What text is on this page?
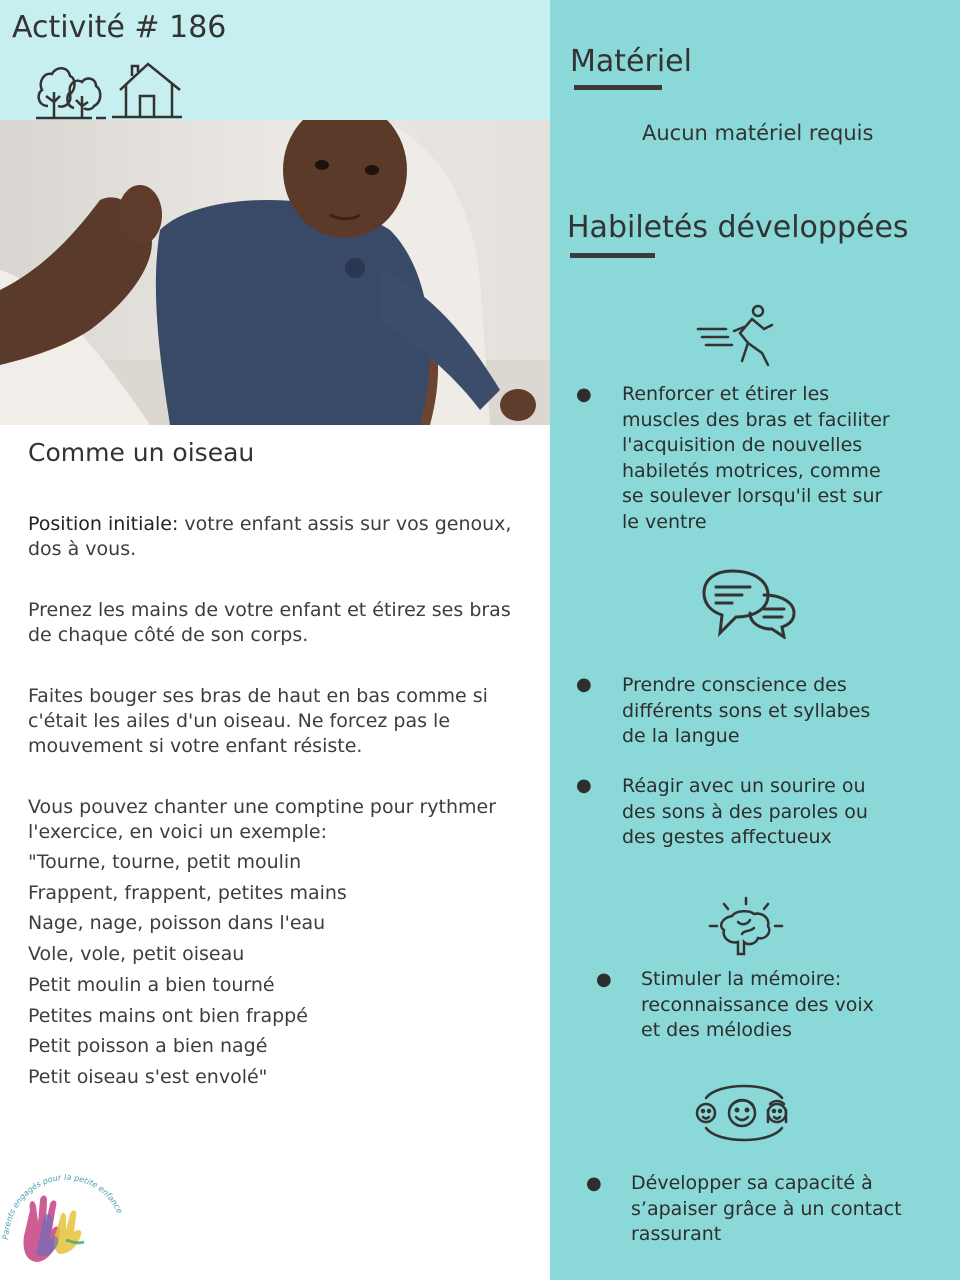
Activité # 186
Comme un oiseau

Position initiale: votre enfant assis sur vos genoux, dos à vous.

Prenez les mains de votre enfant et étirez ses bras de chaque côté de son corps.

Faites bouger ses bras de haut en bas comme si c'était les ailes d'un oiseau. Ne forcez pas le mouvement si votre enfant résiste.

Vous pouvez chanter une comptine pour rythmer l'exercice, en voici un exemple:

"Tourne, tourne, petit moulin
Frappent, frappent, petites mains
Nage, nage, poisson dans l'eau
Vole, vole, petit oiseau
Petit moulin a bien tourné
Petites mains ont bien frappé
Petit poisson a bien nagé
Petit oiseau s'est envolé"
Matériel
Aucun matériel requis
Habiletés développées
● Renforcer et étirer les muscles des bras et faciliter l'acquisition de nouvelles habiletés motrices, comme se soulever lorsqu'il est sur le ventre
● Prendre conscience des différents sons et syllabes de la langue
● Réagir avec un sourire ou des sons à des paroles ou des gestes affectueux
● Stimuler la mémoire: reconnaissance des voix et des mélodies
● Développer sa capacité à s’apaiser grâce à un contact rassurant
Parents engagés pour la petite enfance
